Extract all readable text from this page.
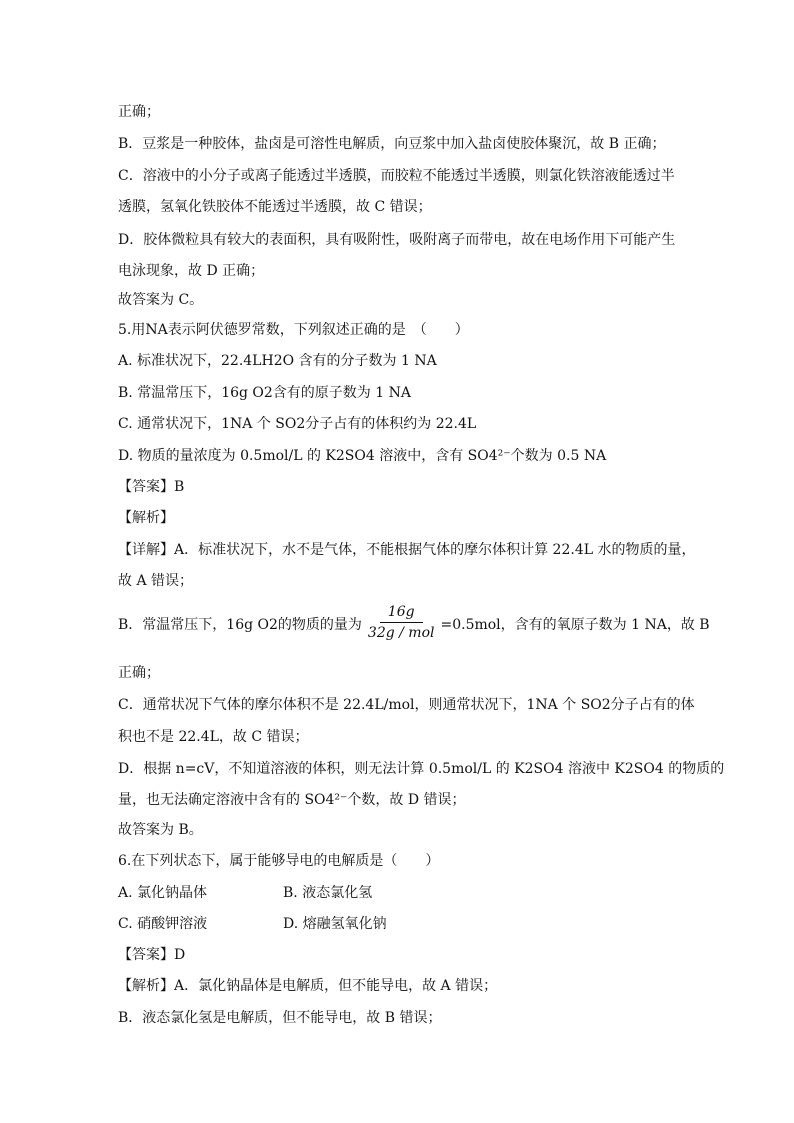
正确；
B．豆浆是一种胶体，盐卤是可溶性电解质，向豆浆中加入盐卤使胶体聚沉，故 B 正确；
C．溶液中的小分子或离子能透过半透膜，而胶粒不能透过半透膜，则氯化铁溶液能透过半
透膜，氢氧化铁胶体不能透过半透膜，故 C 错误；
D．胶体微粒具有较大的表面积，具有吸附性，吸附离子而带电，故在电场作用下可能产生
电泳现象，故 D 正确；
故答案为 C。
5.用NA表示阿伏德罗常数，下列叙述正确的是　（　　）
A. 标准状况下，22.4LH2O 含有的分子数为 1 NA
B. 常温常压下，16g O2含有的原子数为 1 NA
C. 通常状况下，1NA 个 SO2分子占有的体积约为 22.4L
D. 物质的量浓度为 0.5mol/L 的 K2SO4 溶液中，含有 SO4²⁻个数为 0.5 NA
【答案】B
【解析】
【详解】A．标准状况下，水不是气体，不能根据气体的摩尔体积计算 22.4L 水的物质的量，
故 A 错误；
B．常温常压下，16g O2的物质的量为 $\frac{16g}{\text{32g / mol}} =0.5mol$，含有的氧原子数为 1 NA，故 B
正确；
C．通常状况下气体的摩尔体积不是 22.4L/mol，则通常状况下，1NA 个 SO2分子占有的体
积也不是 22.4L，故 C 错误；
D．根据 n=cV，不知道溶液的体积，则无法计算 0.5mol/L 的 K2SO4 溶液中 K2SO4 的物质的
量，也无法确定溶液中含有的 SO4²⁻个数，故 D 错误；
故答案为 B。
6.在下列状态下，属于能够导电的电解质是（　　）
A. 氯化钠晶体	B. 液态氯化氢
C. 硝酸钾溶液	D. 熔融氢氧化钠
【答案】D
【解析】A．氯化钠晶体是电解质，但不能导电，故 A 错误；
B．液态氯化氢是电解质，但不能导电，故 B 错误；
